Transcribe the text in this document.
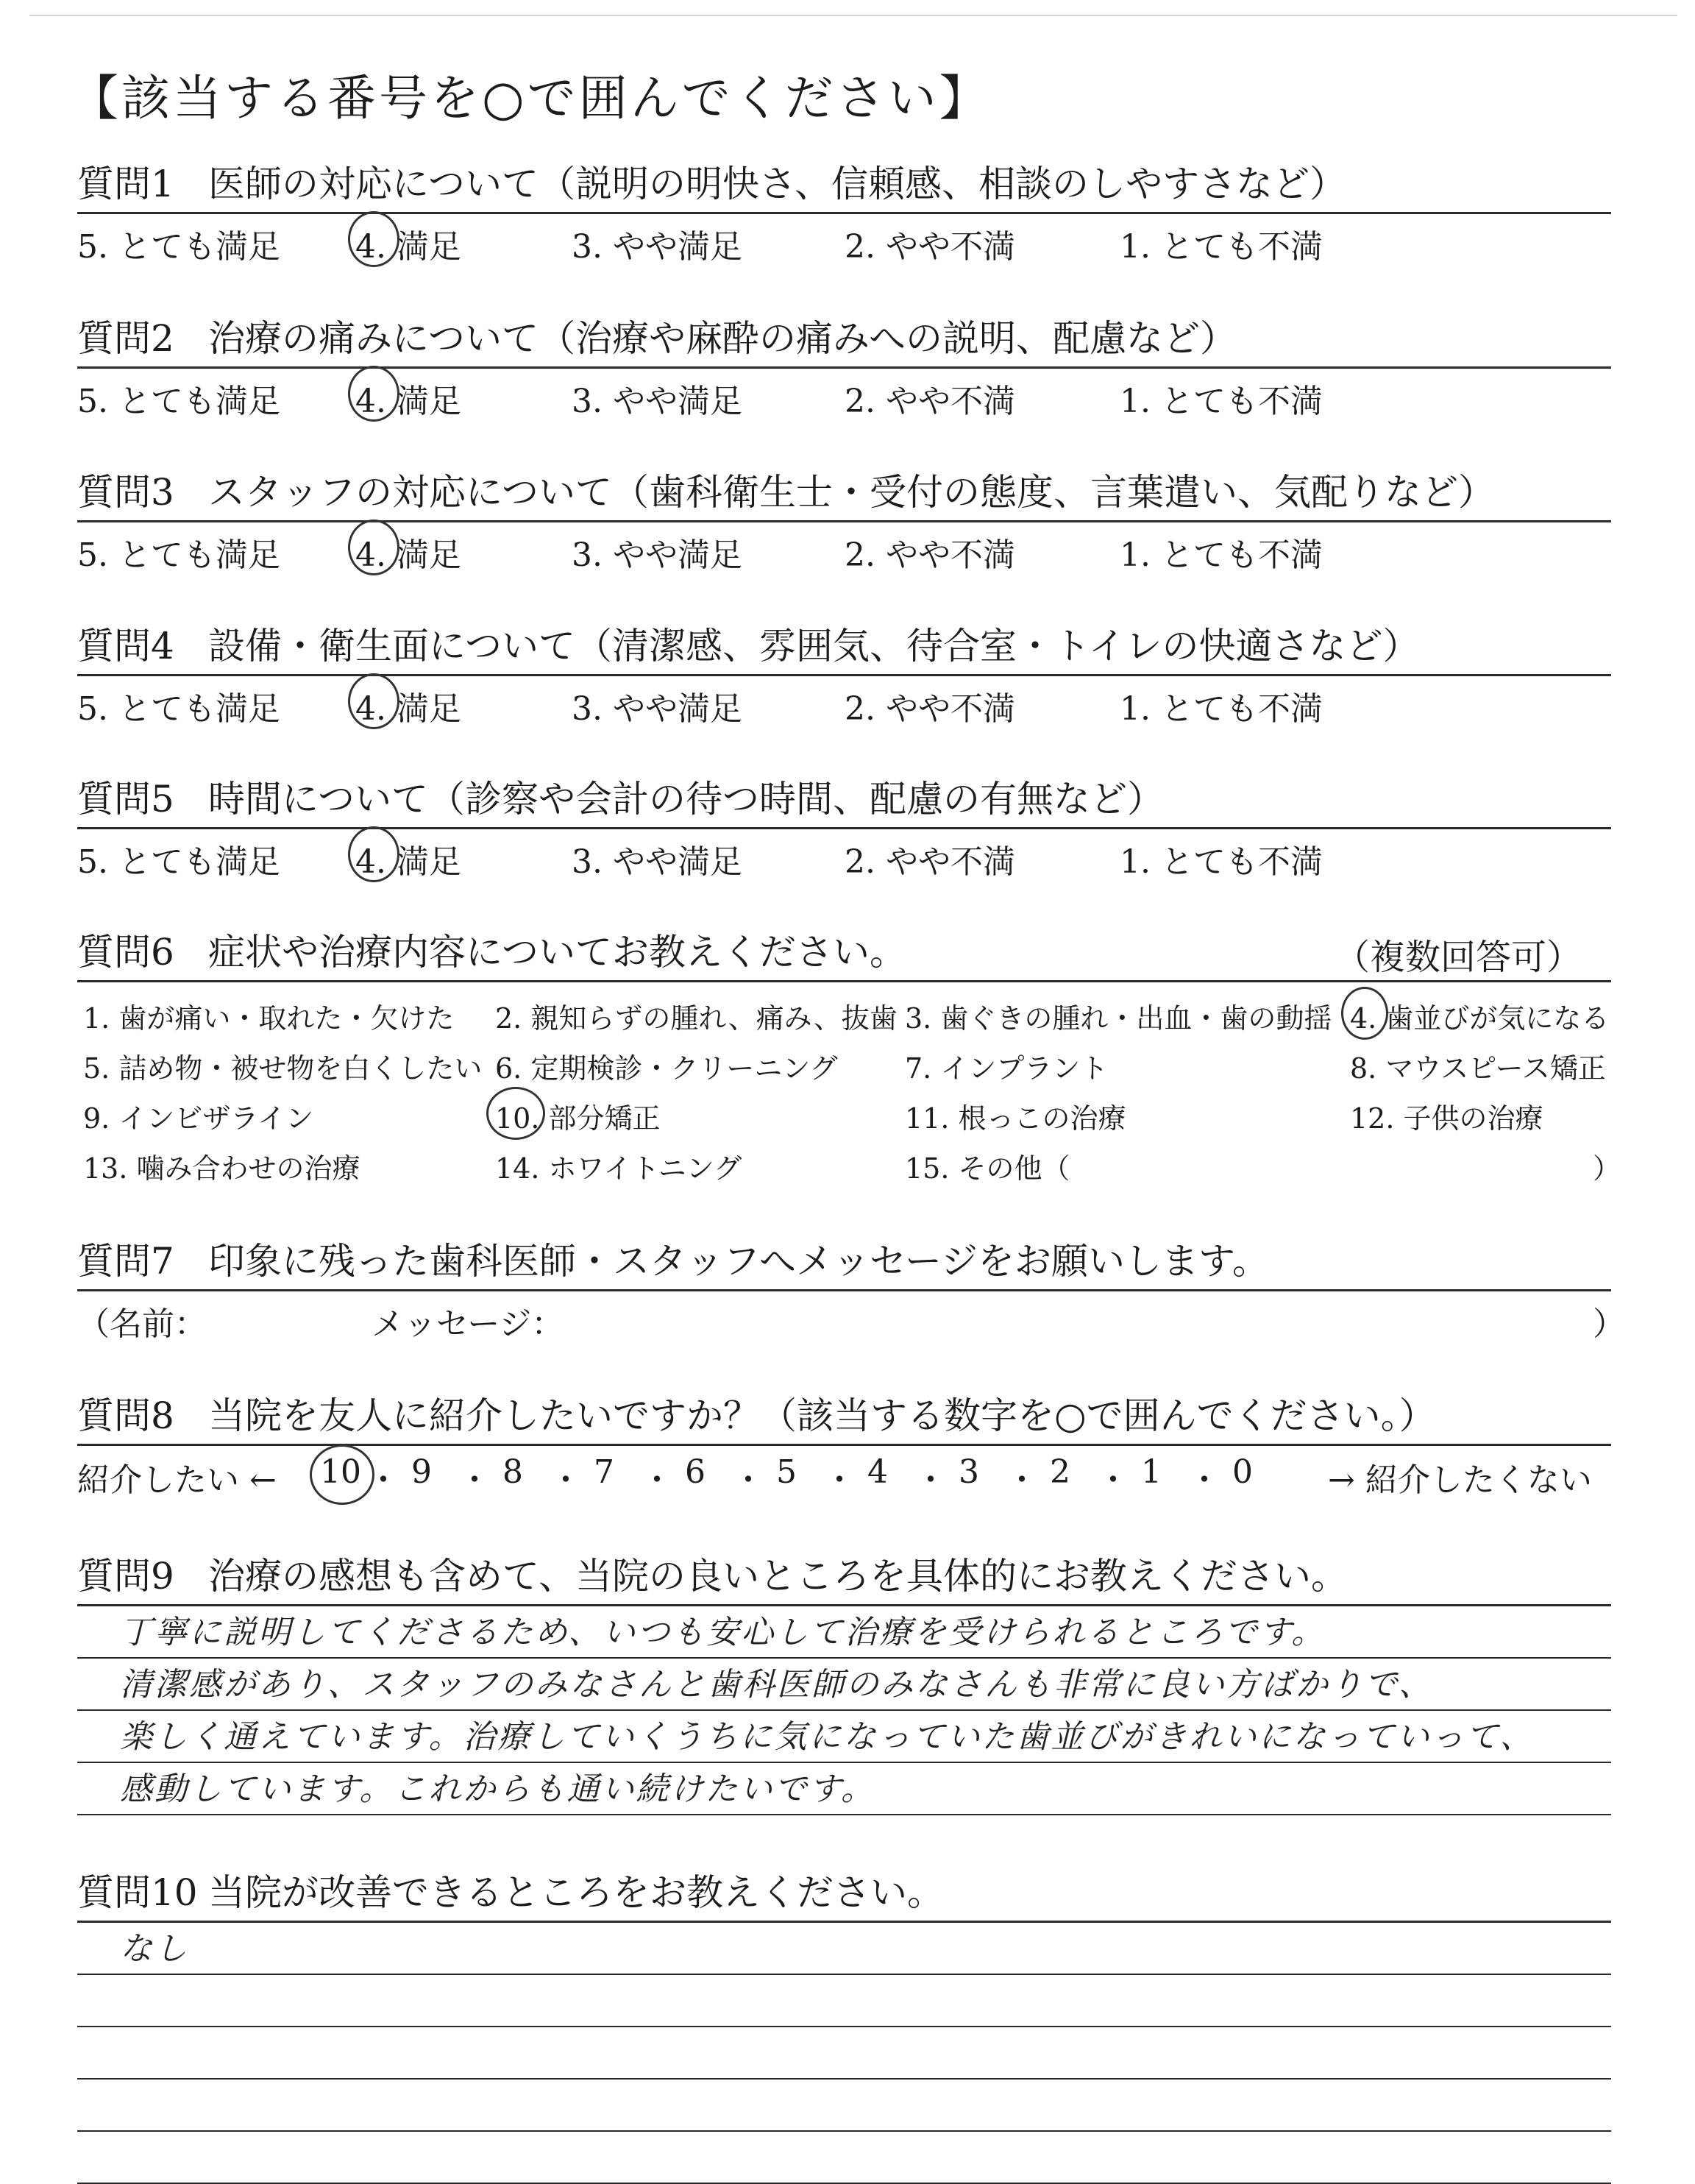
【該当する番号を○で囲んでください】
質問1 医師の対応について（説明の明快さ、信頼感、相談のしやすさなど）
5. とても満足 4. 満足	3. やや満足	2. やや不満	1. とても不満
質問2 治療の痛みについて（治療や麻酔の痛みへの説明、配慮など）
5. とても満足 4. 満足	3. やや満足	2. やや不満	1. とても不満
質問3 スタッフの対応について（歯科衛生士・受付の態度、言葉遣い、気配りなど）
5. とても満足 4. 満足	3. やや満足	2. やや不満	1. とても不満
質問4 設備・衛生面について（清潔感、雰囲気、待合室・トイレの快適さなど）
5. とても満足 4. 満足	3. やや満足	2. やや不満	1. とても不満
質問5 時間について（診察や会計の待つ時間、配慮の有無など）
5. とても満足 4. 満足	3. やや満足	2. やや不満	1. とても不満
質問6 症状や治療内容についてお教えください。	（複数回答可）
1. 歯が痛い・取れた・欠けた 2. 親知らずの腫れ、痛み、抜歯 3. 歯ぐきの腫れ・出血・歯の動揺 4. 歯並びが気になる
5. 詰め物・被せ物を白くしたい 6. 定期検診・クリーニング 7. インプラント	8. マウスピース矯正
9. インビザライン	10. 部分矯正	11. 根っこの治療	12. 子供の治療
13. 噛み合わせの治療	14. ホワイトニング	15. その他（	）
質問7 印象に残った歯科医師・スタッフへメッセージをお願いします。
（名前：	メッセージ：	）
質問8 当院を友人に紹介したいですか？（該当する数字を○で囲んでください。）
紹介したい ←	→ 紹介したくない
10 ・ 9 ・ 8 ・ 7 ・ 6 ・ 5 ・ 4 ・ 3 ・ 2 ・ 1 ・ 0
質問9 治療の感想も含めて、当院の良いところを具体的にお教えください。
丁寧に説明してくださるため、いつも安心して治療を受けられるところです。
清潔感があり、スタッフのみなさんと歯科医師のみなさんも非常に良い方ばかりで、
楽しく通えています。治療していくうちに気になっていた歯並びがきれいになっていって、
感動しています。これからも通い続けたいです。
質問10 当院が改善できるところをお教えください。
なし
